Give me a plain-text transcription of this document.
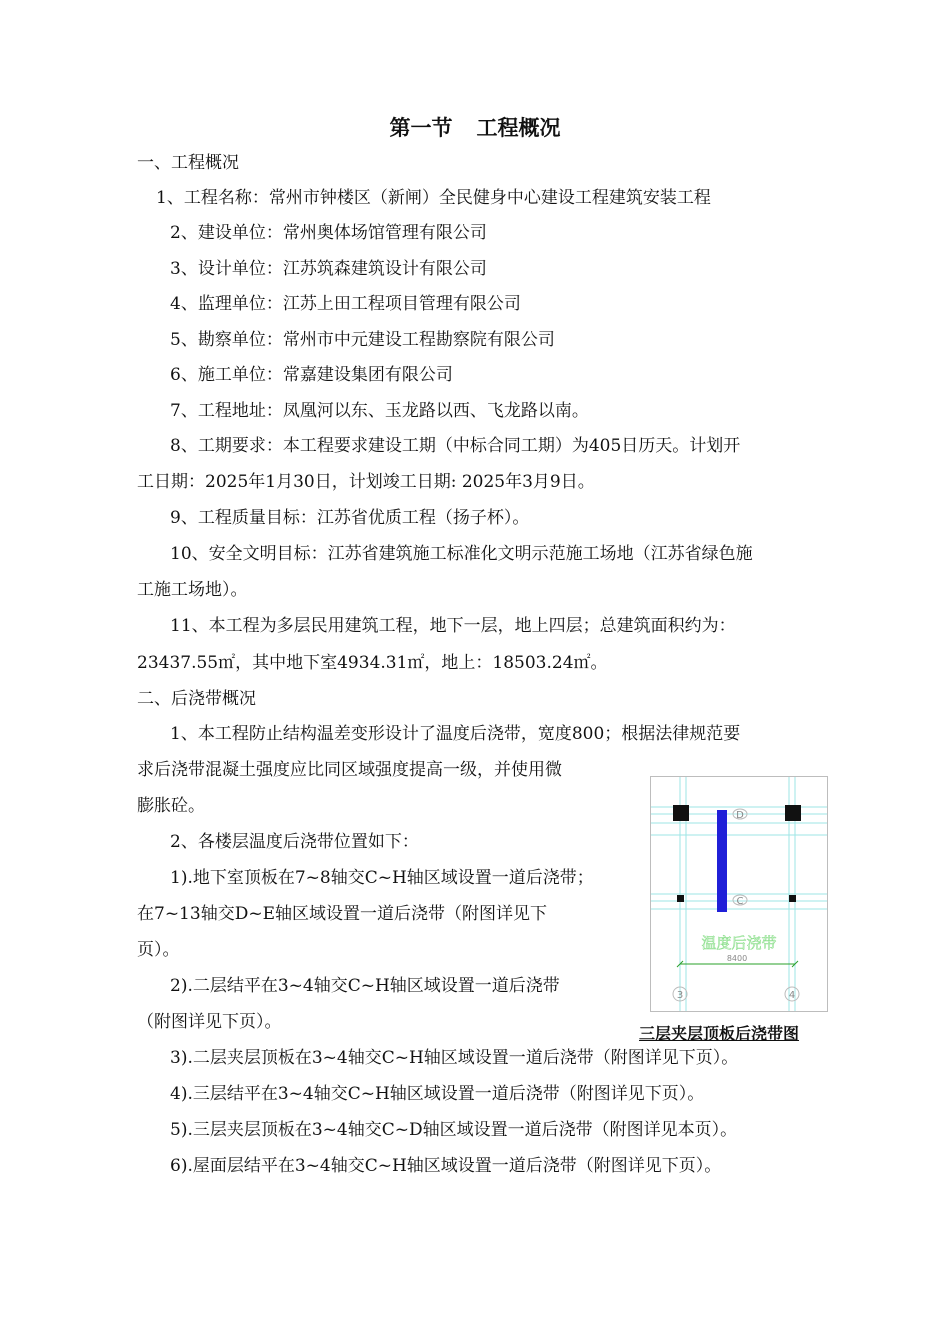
第一节 工程概况
一、工程概况
1、工程名称：常州市钟楼区（新闸）全民健身中心建设工程建筑安装工程
2、建设单位：常州奥体场馆管理有限公司
3、设计单位：江苏筑森建筑设计有限公司
4、监理单位：江苏上田工程项目管理有限公司
5、勘察单位：常州市中元建设工程勘察院有限公司
6、施工单位：常嘉建设集团有限公司
7、工程地址：凤凰河以东、玉龙路以西、飞龙路以南。
8、工期要求：本工程要求建设工期（中标合同工期）为405日历天。计划开
工日期：2025年1月30日，计划竣工日期: 2025年3月9日。
9、工程质量目标：江苏省优质工程（扬子杯）。
10、安全文明目标：江苏省建筑施工标准化文明示范施工场地（江苏省绿色施
工施工场地）。
11、本工程为多层民用建筑工程，地下一层，地上四层；总建筑面积约为：
23437.55㎡，其中地下室4934.31㎡，地上：18503.24㎡。
二、后浇带概况
1、本工程防止结构温差变形设计了温度后浇带，宽度800；根据法律规范要
求后浇带混凝土强度应比同区域强度提高一级，并使用微
膨胀砼。
2、各楼层温度后浇带位置如下：
1).地下室顶板在7~8轴交C~H轴区域设置一道后浇带；
在7~13轴交D~E轴区域设置一道后浇带（附图详见下
页）。
2).二层结平在3~4轴交C~H轴区域设置一道后浇带
（附图详见下页）。
3).二层夹层顶板在3~4轴交C~H轴区域设置一道后浇带（附图详见下页）。
4).三层结平在3~4轴交C~H轴区域设置一道后浇带（附图详见下页）。
5).三层夹层顶板在3~4轴交C~D轴区域设置一道后浇带（附图详见本页）。
6).屋面层结平在3~4轴交C~H轴区域设置一道后浇带（附图详见下页）。
D
C
温度后浇带
8400
3	4
三层夹层顶板后浇带图
